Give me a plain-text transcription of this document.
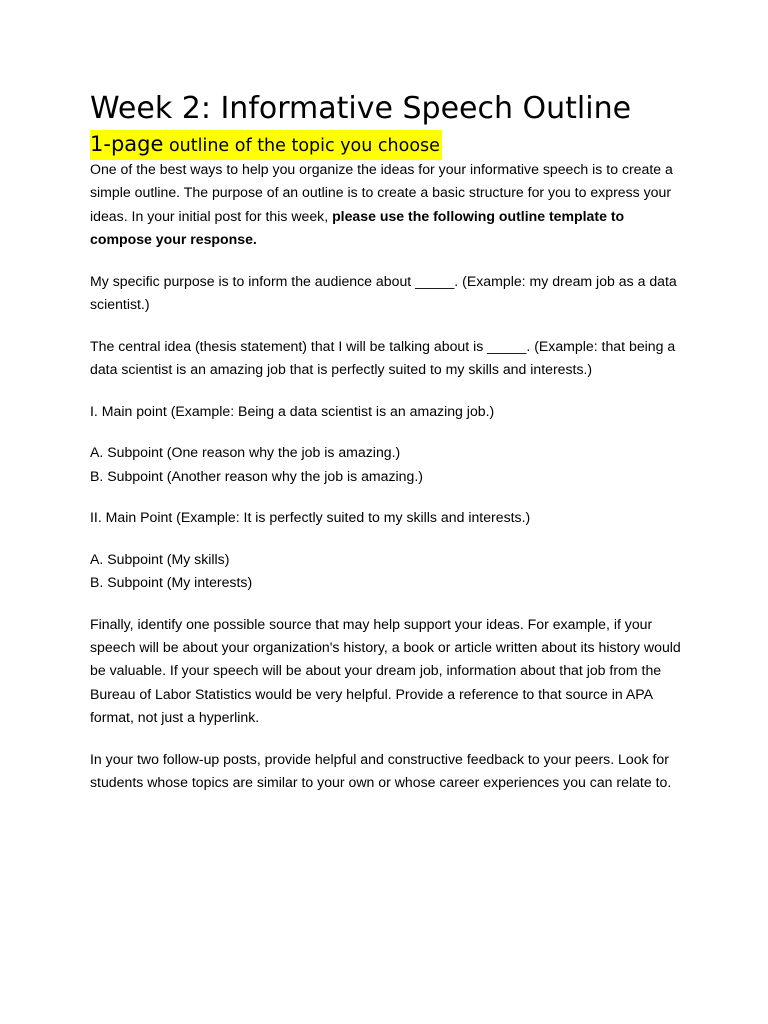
Week 2: Informative Speech Outline
1-page outline of the topic you choose

One of the best ways to help you organize the ideas for your informative speech is to create a simple outline. The purpose of an outline is to create a basic structure for you to express your ideas. In your initial post for this week, please use the following outline template to compose your response.

My specific purpose is to inform the audience about _____. (Example: my dream job as a data scientist.)

The central idea (thesis statement) that I will be talking about is _____. (Example: that being a data scientist is an amazing job that is perfectly suited to my skills and interests.)

I. Main point (Example: Being a data scientist is an amazing job.)

A. Subpoint (One reason why the job is amazing.)

B. Subpoint (Another reason why the job is amazing.)

II. Main Point (Example: It is perfectly suited to my skills and interests.)

A. Subpoint (My skills)

B. Subpoint (My interests)

Finally, identify one possible source that may help support your ideas. For example, if your speech will be about your organization's history, a book or article written about its history would be valuable. If your speech will be about your dream job, information about that job from the Bureau of Labor Statistics would be very helpful. Provide a reference to that source in APA format, not just a hyperlink.

In your two follow-up posts, provide helpful and constructive feedback to your peers. Look for students whose topics are similar to your own or whose career experiences you can relate to.
